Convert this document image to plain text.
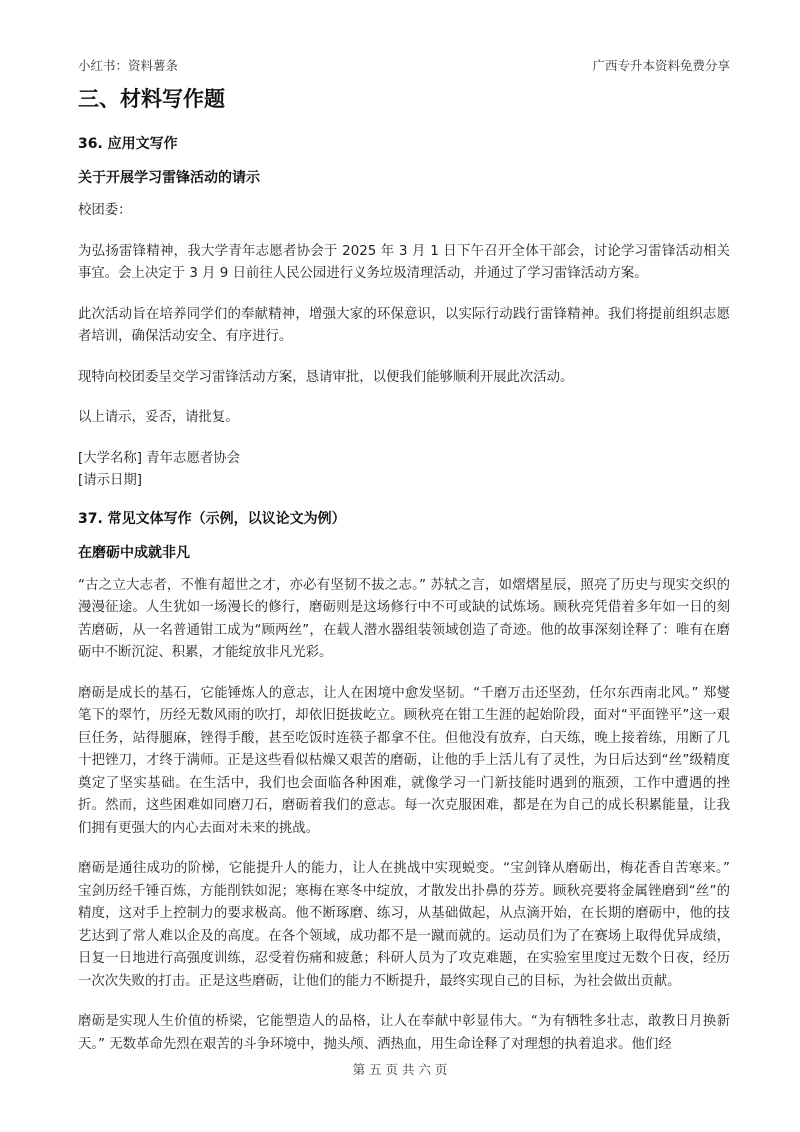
小红书：资料薯条	广西专升本资料免费分享
三、材料写作题
36. 应用文写作
关于开展学习雷锋活动的请示

校团委：

为弘扬雷锋精神，我大学青年志愿者协会于 2025 年 3 月 1 日下午召开全体干部会，讨论学习雷锋活动相关事宜。会上决定于 3 月 9 日前往人民公园进行义务垃圾清理活动，并通过了学习雷锋活动方案。

此次活动旨在培养同学们的奉献精神，增强大家的环保意识，以实际行动践行雷锋精神。我们将提前组织志愿者培训，确保活动安全、有序进行。

现特向校团委呈交学习雷锋活动方案，恳请审批，以便我们能够顺利开展此次活动。

以上请示，妥否，请批复。

[大学名称] 青年志愿者协会

[请示日期]

37. 常见文体写作（示例，以议论文为例）
在磨砺中成就非凡

“古之立大志者，不惟有超世之才，亦必有坚韧不拔之志。” 苏轼之言，如熠熠星辰，照亮了历史与现实交织的漫漫征途。人生犹如一场漫长的修行，磨砺则是这场修行中不可或缺的试炼场。顾秋亮凭借着多年如一日的刻苦磨砺，从一名普通钳工成为“顾两丝”，在载人潜水器组装领域创造了奇迹。他的故事深刻诠释了：唯有在磨砺中不断沉淀、积累，才能绽放非凡光彩。

磨砺是成长的基石，它能锤炼人的意志，让人在困境中愈发坚韧。“千磨万击还坚劲，任尔东西南北风。” 郑燮笔下的翠竹，历经无数风雨的吹打，却依旧挺拔屹立。顾秋亮在钳工生涯的起始阶段，面对“平面锉平”这一艰巨任务，站得腿麻，锉得手酸，甚至吃饭时连筷子都拿不住。但他没有放弃，白天练，晚上接着练，用断了几十把锉刀，才终于满师。正是这些看似枯燥又艰苦的磨砺，让他的手上活儿有了灵性，为日后达到“丝”级精度奠定了坚实基础。在生活中，我们也会面临各种困难，就像学习一门新技能时遇到的瓶颈，工作中遭遇的挫折。然而，这些困难如同磨刀石，磨砺着我们的意志。每一次克服困难，都是在为自己的成长积累能量，让我们拥有更强大的内心去面对未来的挑战。

磨砺是通往成功的阶梯，它能提升人的能力，让人在挑战中实现蜕变。“宝剑锋从磨砺出，梅花香自苦寒来。” 宝剑历经千锤百炼，方能削铁如泥；寒梅在寒冬中绽放，才散发出扑鼻的芬芳。顾秋亮要将金属锉磨到“丝”的精度，这对手上控制力的要求极高。他不断琢磨、练习，从基础做起，从点滴开始，在长期的磨砺中，他的技艺达到了常人难以企及的高度。在各个领域，成功都不是一蹴而就的。运动员们为了在赛场上取得优异成绩，日复一日地进行高强度训练，忍受着伤痛和疲惫；科研人员为了攻克难题，在实验室里度过无数个日夜，经历一次次失败的打击。正是这些磨砺，让他们的能力不断提升，最终实现自己的目标，为社会做出贡献。

磨砺是实现人生价值的桥梁，它能塑造人的品格，让人在奉献中彰显伟大。“为有牺牲多壮志，敢教日月换新天。” 无数革命先烈在艰苦的斗争环境中，抛头颅、洒热血，用生命诠释了对理想的执着追求。他们经

第 五 页 共 六 页
